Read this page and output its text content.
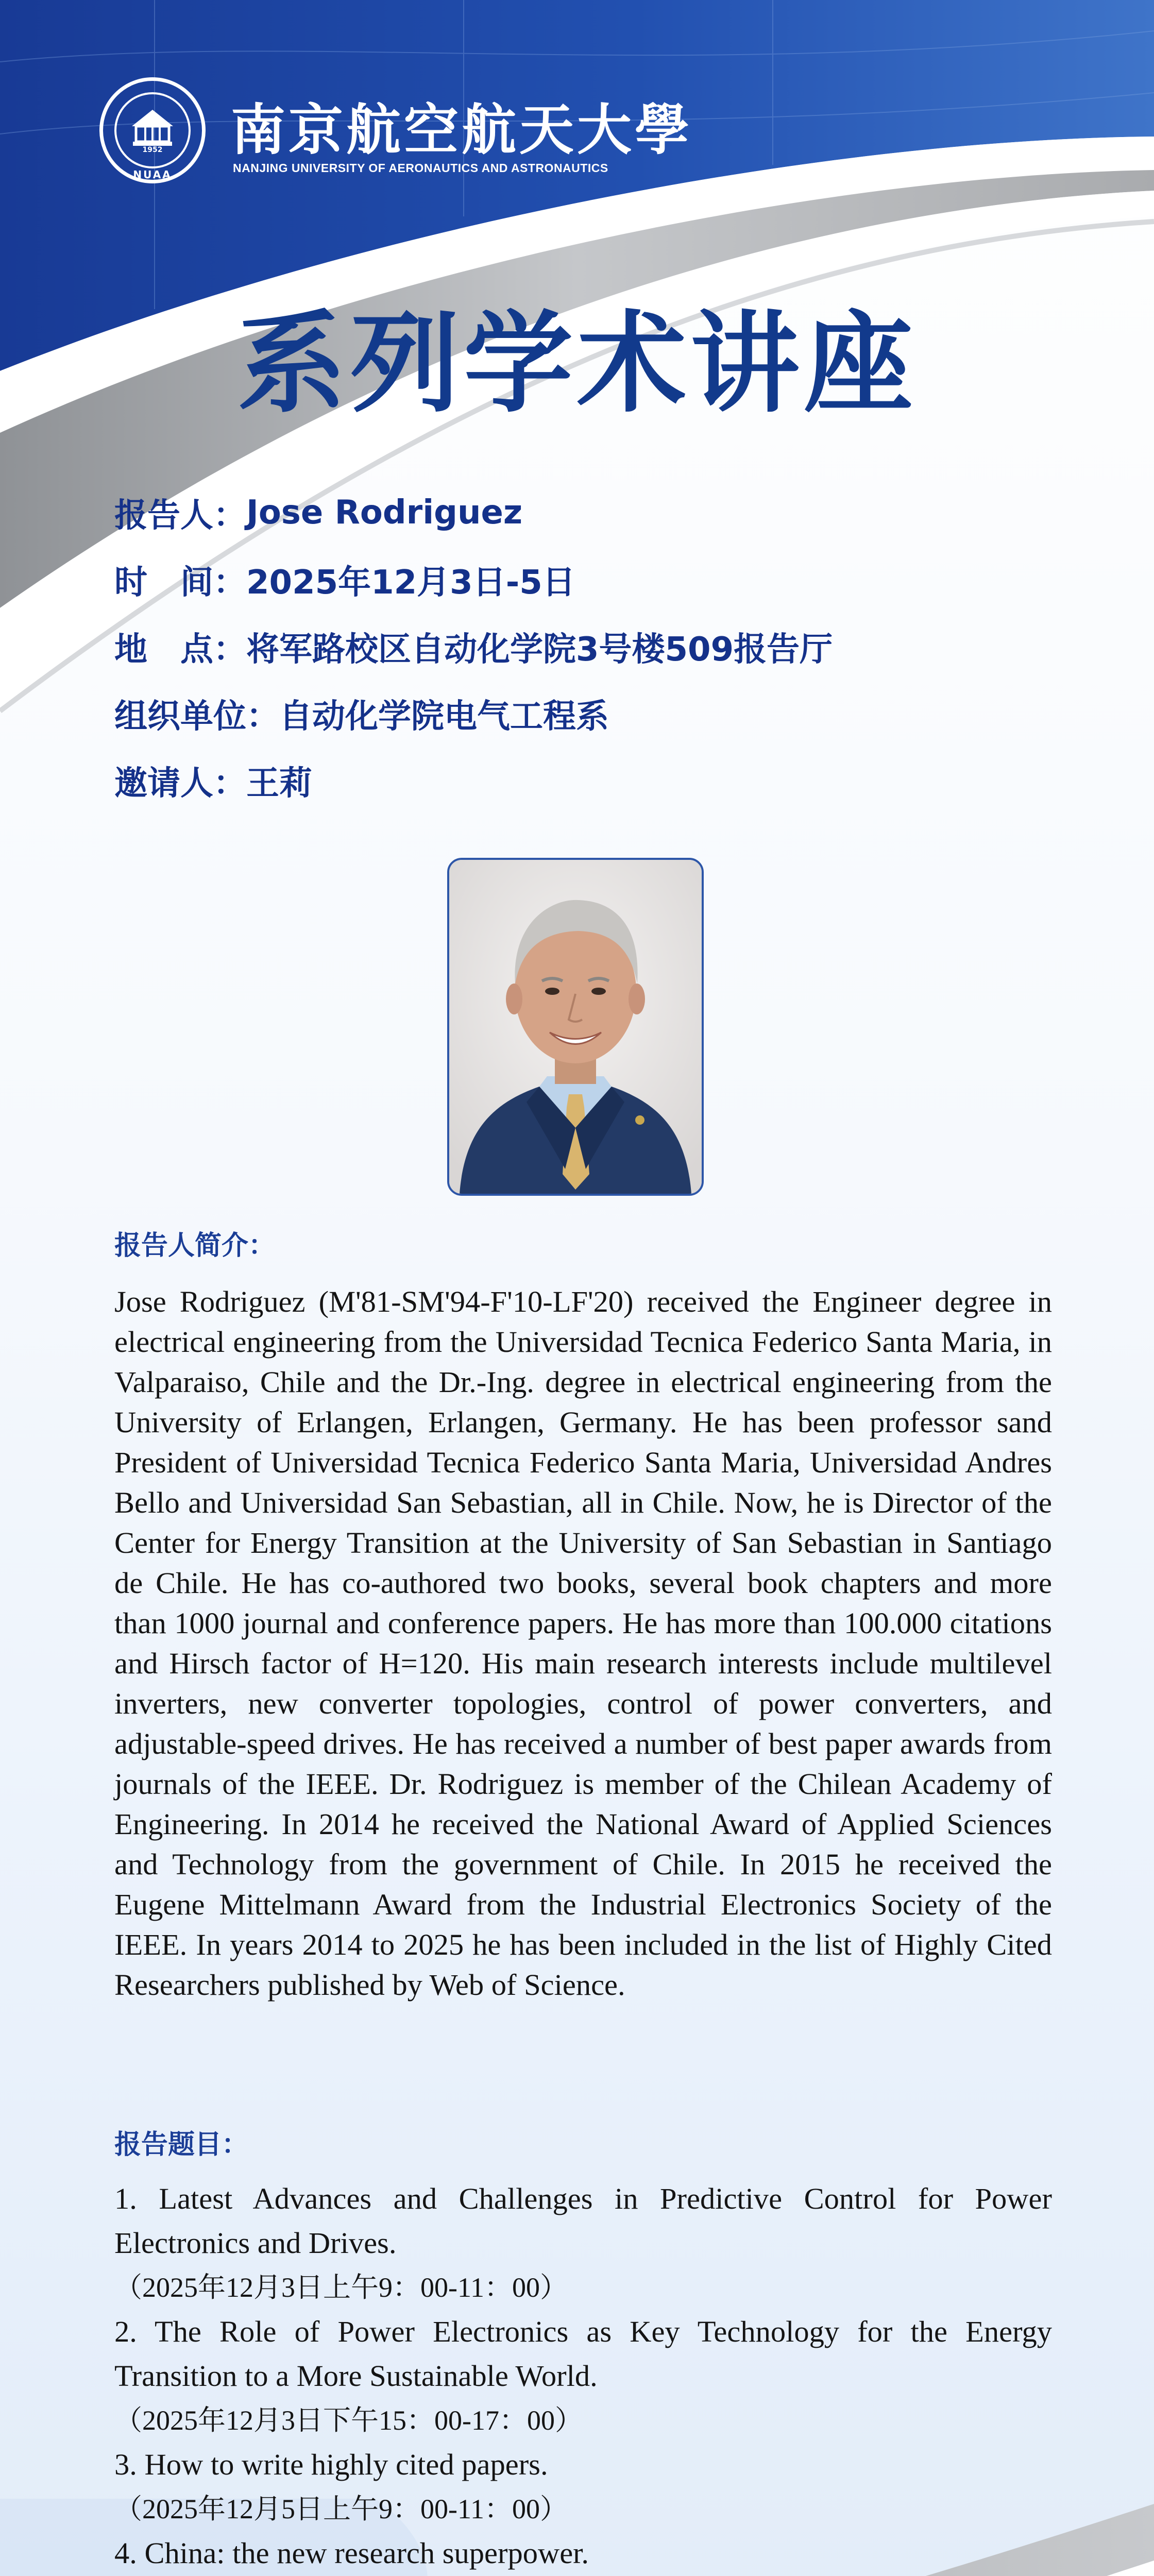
1952
NUAA
南京航空航天大學
NANJING UNIVERSITY OF AERONAUTICS AND ASTRONAUTICS
系列学术讲座
报告人： Jose Rodriguez
时　间： 2025年12月3日-5日
地　点： 将军路校区自动化学院3号楼509报告厅
组织单位： 自动化学院电气工程系
邀请人： 王莉
报告人简介：

Jose Rodriguez (M'81-SM'94-F'10-LF'20) received the Engineer degree in electrical engineering from the Universidad Tecnica Federico Santa Maria, in Valparaiso, Chile and the Dr.-Ing. degree in electrical engineering from the University of Erlangen, Erlangen, Germany. He has been professor sand President of Universidad Tecnica Federico Santa Maria, Universidad Andres Bello and Universidad San Sebastian, all in Chile. Now, he is Director of the Center for Energy Transition at the University of San Sebastian in Santiago de Chile. He has co-authored two books, several book chapters and more than 1000 journal and conference papers. He has more than 100.000 citations and Hirsch factor of H=120. His main research interests include multilevel inverters, new converter topologies, control of power converters, and adjustable-speed drives. He has received a number of best paper awards from journals of the IEEE. Dr. Rodriguez is member of the Chilean Academy of Engineering. In 2014 he received the National Award of Applied Sciences and Technology from the government of Chile. In 2015 he received the Eugene Mittelmann Award from the Industrial Electronics Society of the IEEE. In years 2014 to 2025 he has been included in the list of Highly Cited Researchers published by Web of Science.

报告题目：

1. Latest Advances and Challenges in Predictive Control for Power Electronics and Drives.

（2025年12月3日上午9：00-11：00）

2. The Role of Power Electronics as Key Technology for the Energy Transition to a More Sustainable World.

（2025年12月3日下午15：00-17：00）

3. How to write highly cited papers.

（2025年12月5日上午9：00-11：00）

4. China: the new research superpower.
